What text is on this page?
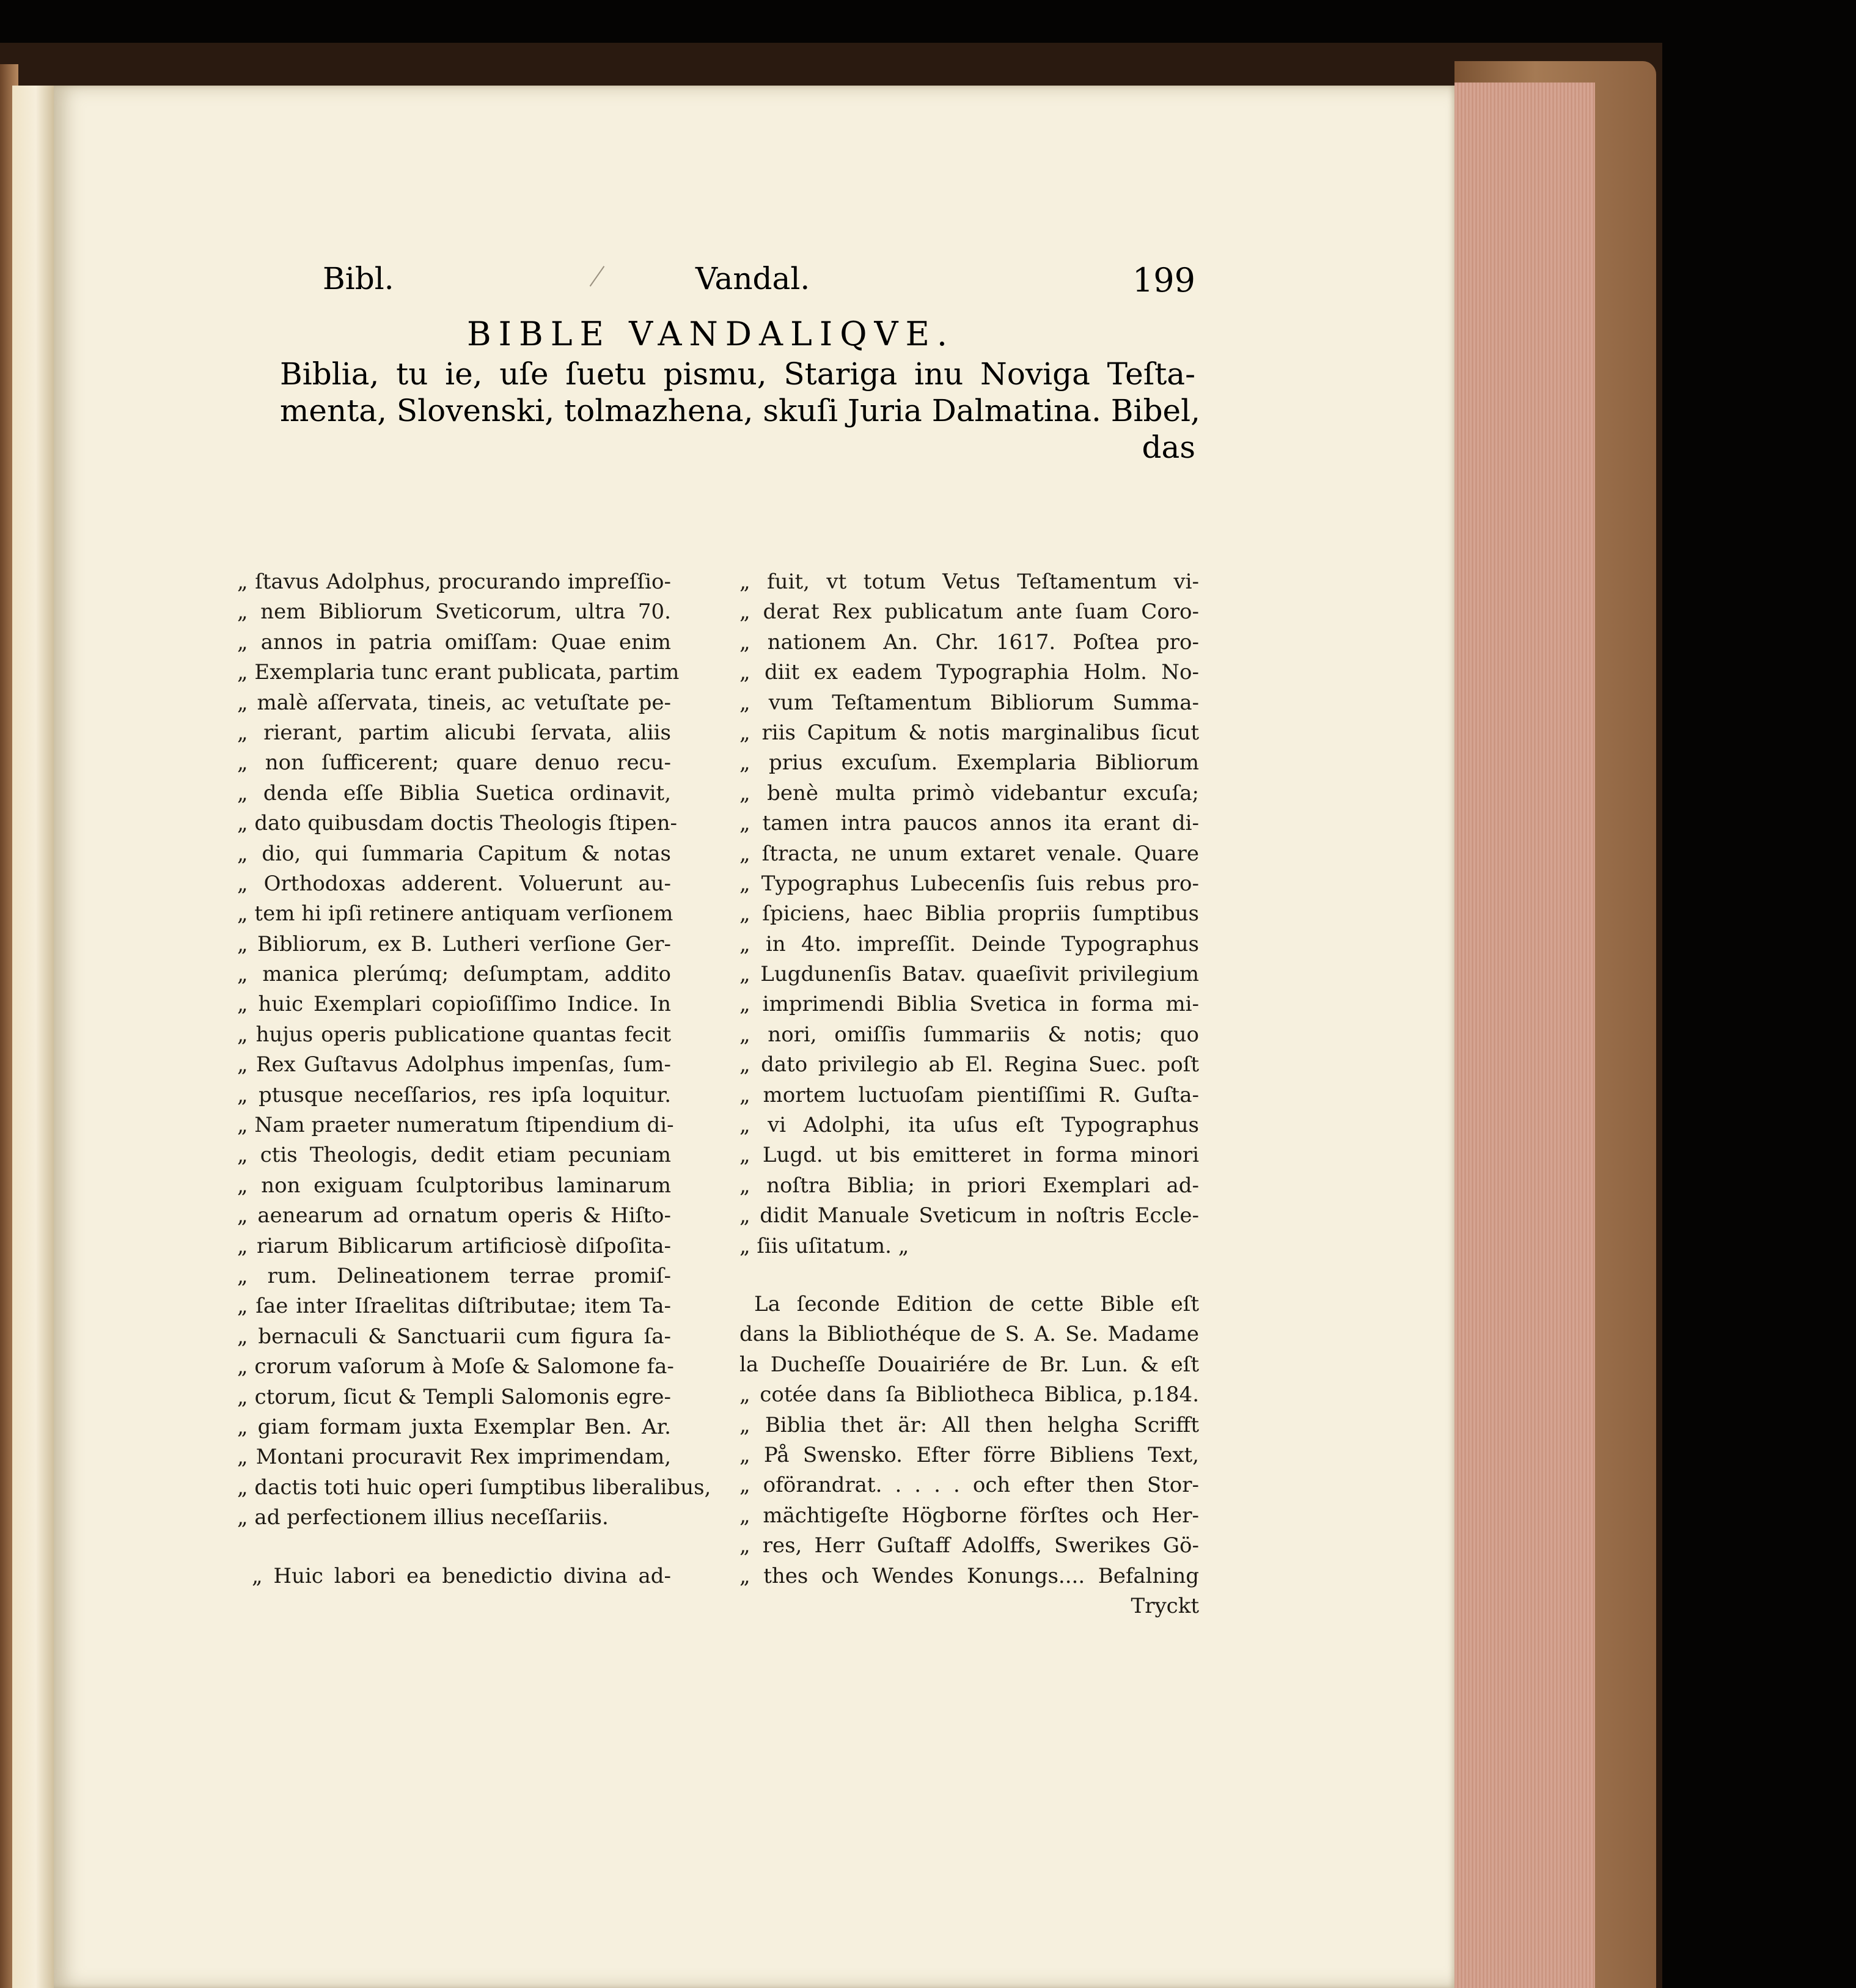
Bibl.	Vandal.	199
BIBLE VANDALIQVE.
Biblia, tu ie, uſe ſuetu pismu, Stariga inu Noviga Teſta-
menta, Slovenski, tolmazhena, skuſi Juria Dalmatina. Bibel,
das
„ ſtavus Adolphus, procurando impreſſio-
„ nem Bibliorum Sveticorum, ultra 70.
„ annos in patria omiſſam: Quae enim
„ Exemplaria tunc erant publicata, partim
„ malè aſſervata, tineis, ac vetuſtate pe-
„ rierant, partim alicubi ſervata, aliis
„ non ſufficerent; quare denuo recu-
„ denda eſſe Biblia Suetica ordinavit,
„ dato quibusdam doctis Theologis ſtipen-
„ dio, qui ſummaria Capitum & notas
„ Orthodoxas adderent. Voluerunt au-
„ tem hi ipſi retinere antiquam verſionem
„ Bibliorum, ex B. Lutheri verſione Ger-
„ manica plerúmq; deſumptam, addito
„ huic Exemplari copioſiſſimo Indice. In
„ hujus operis publicatione quantas fecit
„ Rex Guſtavus Adolphus impenſas, ſum-
„ ptusque neceſſarios, res ipſa loquitur.
„ Nam praeter numeratum ſtipendium di-
„ ctis Theologis, dedit etiam pecuniam
„ non exiguam ſculptoribus laminarum
„ aenearum ad ornatum operis & Hiſto-
„ riarum Biblicarum artificiosè diſpoſita-
„ rum. Delineationem terrae promiſ-
„ ſae inter Iſraelitas diſtributae; item Ta-
„ bernaculi & Sanctuarii cum figura ſa-
„ crorum vaſorum à Moſe & Salomone fa-
„ ctorum, ſicut & Templi Salomonis egre-
„ giam formam juxta Exemplar Ben. Ar.
„ Montani procuravit Rex imprimendam,
„ dactis toti huic operi ſumptibus liberalibus,
„ ad perfectionem illius neceſſariis.
„ Huic labori ea benedictio divina ad-
„ fuit, vt totum Vetus Teſtamentum vi-
„ derat Rex publicatum ante ſuam Coro-
„ nationem An. Chr. 1617. Poſtea pro-
„ diit ex eadem Typographia Holm. No-
„ vum Teſtamentum Bibliorum Summa-
„ riis Capitum & notis marginalibus ſicut
„ prius excuſum. Exemplaria Bibliorum
„ benè multa primò videbantur excuſa;
„ tamen intra paucos annos ita erant di-
„ ſtracta, ne unum extaret venale. Quare
„ Typographus Lubecenſis ſuis rebus pro-
„ ſpiciens, haec Biblia propriis ſumptibus
„ in 4to. impreſſit. Deinde Typographus
„ Lugdunenſis Batav. quaeſivit privilegium
„ imprimendi Biblia Svetica in forma mi-
„ nori, omiſſis ſummariis & notis; quo
„ dato privilegio ab El. Regina Suec. poſt
„ mortem luctuoſam pientiſſimi R. Guſta-
„ vi Adolphi, ita uſus eſt Typographus
„ Lugd. ut bis emitteret in forma minori
„ noſtra Biblia; in priori Exemplari ad-
„ didit Manuale Sveticum in noſtris Eccle-
„ ſiis uſitatum. „
La ſeconde Edition de cette Bible eſt
dans la Bibliothéque de S. A. Se. Madame
la Ducheſſe Douairiére de Br. Lun. & eſt
„ cotée dans ſa Bibliotheca Biblica, p.184.
„ Biblia thet är: All then helgha Scrifft
„ På Swensko. Efter förre Bibliens Text,
„ oförandrat. . . . . och efter then Stor-
„ mächtigeſte Högborne förſtes och Her-
„ res, Herr Guſtaff Adolffs, Swerikes Gö-
„ thes och Wendes Konungs.... Befalning
Tryckt
